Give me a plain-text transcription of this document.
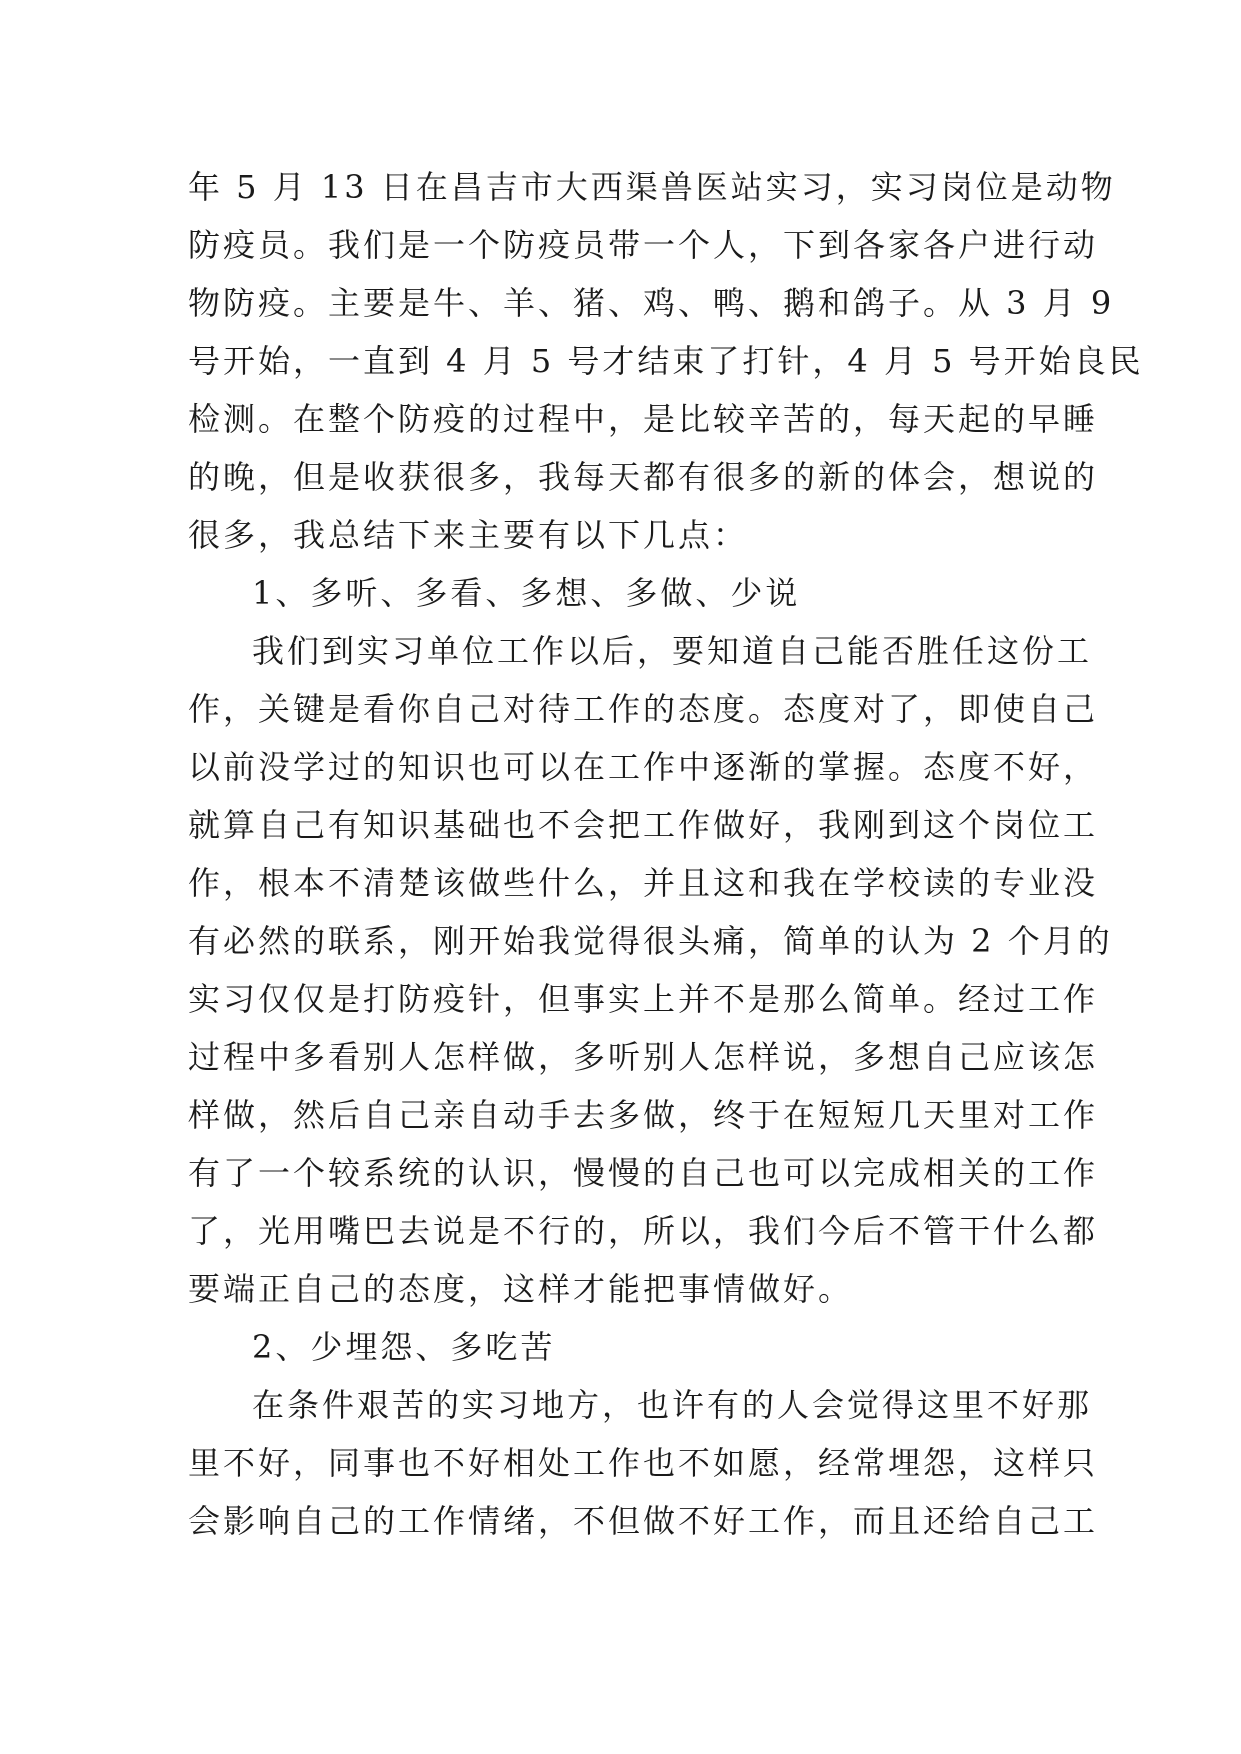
年 5 月 13 日在昌吉市大西渠兽医站实习，实习岗位是动物
防疫员。我们是一个防疫员带一个人，下到各家各户进行动
物防疫。主要是牛、羊、猪、鸡、鸭、鹅和鸽子。从 3 月 9
号开始，一直到 4 月 5 号才结束了打针，4 月 5 号开始良民
检测。在整个防疫的过程中，是比较辛苦的，每天起的早睡
的晚，但是收获很多，我每天都有很多的新的体会，想说的
很多，我总结下来主要有以下几点：
1、多听、多看、多想、多做、少说
我们到实习单位工作以后，要知道自己能否胜任这份工
作，关键是看你自己对待工作的态度。态度对了，即使自己
以前没学过的知识也可以在工作中逐渐的掌握。态度不好，
就算自己有知识基础也不会把工作做好，我刚到这个岗位工
作，根本不清楚该做些什么，并且这和我在学校读的专业没
有必然的联系，刚开始我觉得很头痛，简单的认为 2 个月的
实习仅仅是打防疫针，但事实上并不是那么简单。经过工作
过程中多看别人怎样做，多听别人怎样说，多想自己应该怎
样做，然后自己亲自动手去多做，终于在短短几天里对工作
有了一个较系统的认识，慢慢的自己也可以完成相关的工作
了，光用嘴巴去说是不行的，所以，我们今后不管干什么都
要端正自己的态度，这样才能把事情做好。
2、少埋怨、多吃苦
在条件艰苦的实习地方，也许有的人会觉得这里不好那
里不好，同事也不好相处工作也不如愿，经常埋怨，这样只
会影响自己的工作情绪，不但做不好工作，而且还给自己工
